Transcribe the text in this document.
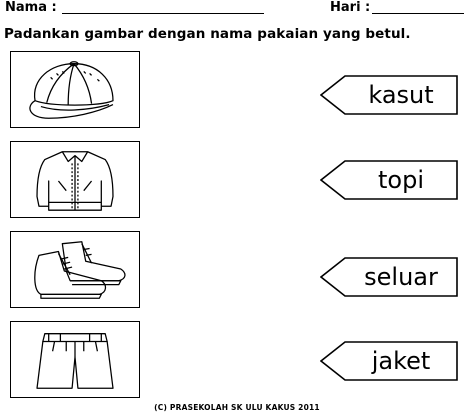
Nama :	Hari :
Padankan gambar dengan nama pakaian yang betul.
kasut
topi
seluar
jaket
(C) PRASEKOLAH SK ULU KAKUS 2011
